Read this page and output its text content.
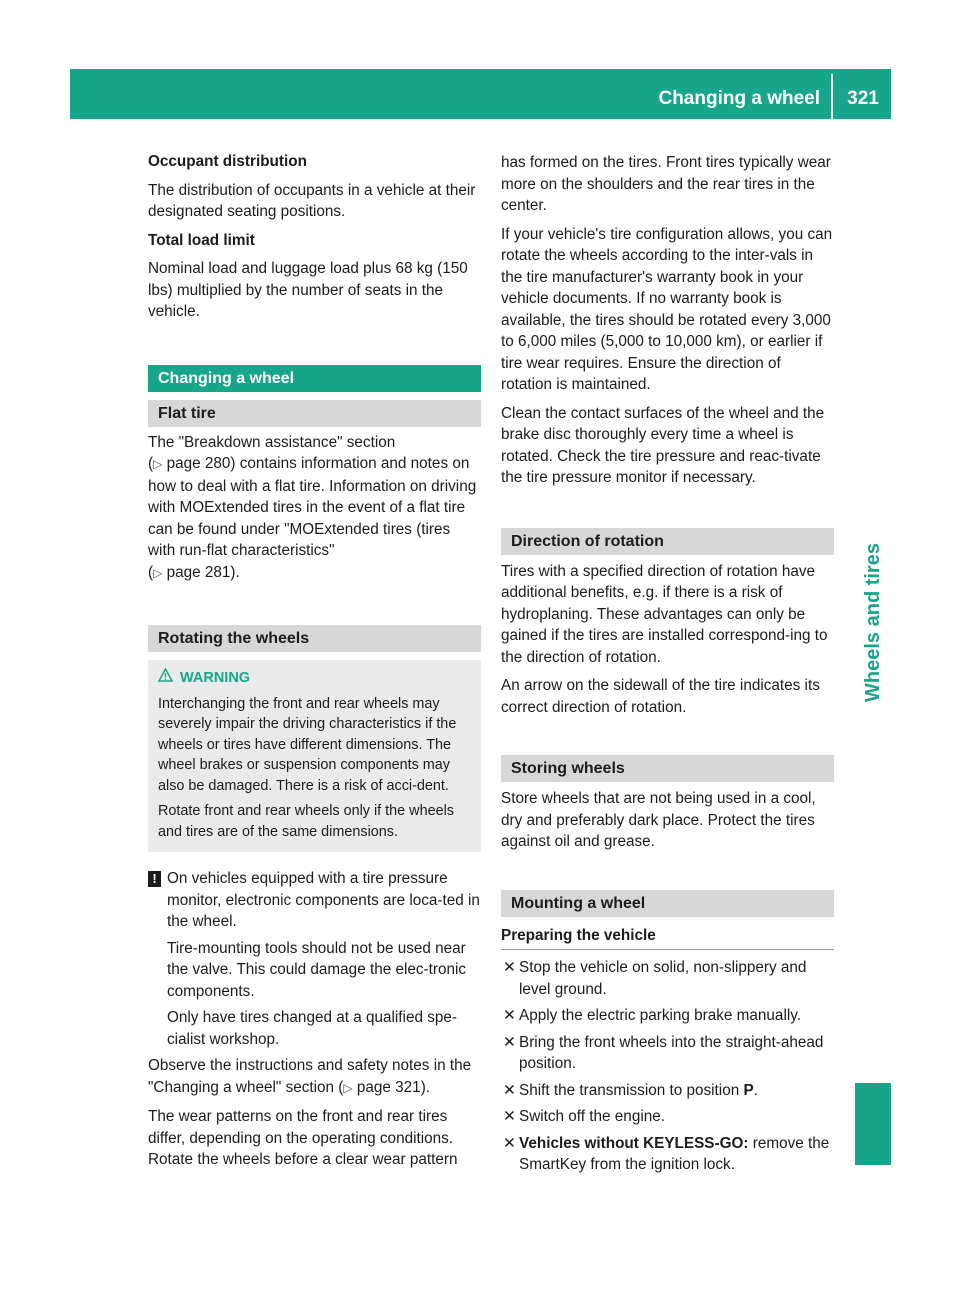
Changing a wheel	321
Wheels and tires

Occupant distribution

The distribution of occupants in a vehicle at their designated seating positions.

Total load limit

Nominal load and luggage load plus 68 kg (150 lbs) multiplied by the number of seats in the vehicle.

Changing a wheel
Flat tire

The "Breakdown assistance" section
(▷ page 280) contains information and notes on how to deal with a flat tire. Information on driving with MOExtended tires in the event of a flat tire can be found under "MOExtended tires (tires with run-flat characteristics"
(▷ page 281).

Rotating the wheels
WARNING

Interchanging the front and rear wheels may severely impair the driving characteristics if the wheels or tires have different dimensions. The wheel brakes or suspension components may also be damaged. There is a risk of acci-dent.

Rotate front and rear wheels only if the wheels and tires are of the same dimensions.

! On vehicles equipped with a tire pressure monitor, electronic components are loca-ted in the wheel.

Tire-mounting tools should not be used near the valve. This could damage the elec-tronic components.

Only have tires changed at a qualified spe-cialist workshop.

Observe the instructions and safety notes in the "Changing a wheel" section (▷ page 321).

The wear patterns on the front and rear tires differ, depending on the operating conditions. Rotate the wheels before a clear wear pattern

has formed on the tires. Front tires typically wear more on the shoulders and the rear tires in the center.

If your vehicle's tire configuration allows, you can rotate the wheels according to the inter-vals in the tire manufacturer's warranty book in your vehicle documents. If no warranty book is available, the tires should be rotated every 3,000 to 6,000 miles (5,000 to 10,000 km), or earlier if tire wear requires. Ensure the direction of rotation is maintained.

Clean the contact surfaces of the wheel and the brake disc thoroughly every time a wheel is rotated. Check the tire pressure and reac-tivate the tire pressure monitor if necessary.

Direction of rotation

Tires with a specified direction of rotation have additional benefits, e.g. if there is a risk of hydroplaning. These advantages can only be gained if the tires are installed correspond-ing to the direction of rotation.

An arrow on the sidewall of the tire indicates its correct direction of rotation.

Storing wheels

Store wheels that are not being used in a cool, dry and preferably dark place. Protect the tires against oil and grease.

Mounting a wheel

Preparing the vehicle

✕ Stop the vehicle on solid, non-slippery and level ground.
✕ Apply the electric parking brake manually.
✕ Bring the front wheels into the straight-ahead position.
✕ Shift the transmission to position P.
✕ Switch off the engine.
✕ Vehicles without KEYLESS-GO: remove the SmartKey from the ignition lock.
